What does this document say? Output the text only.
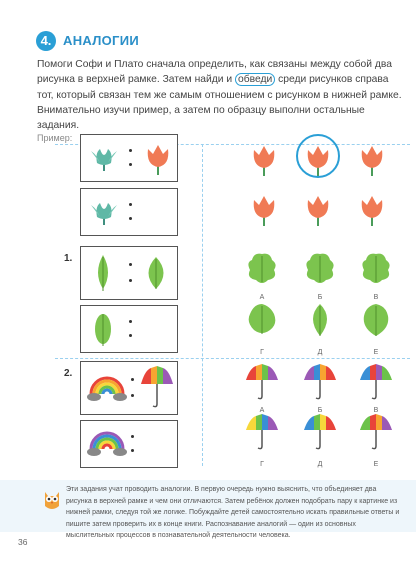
4. АНАЛОГИИ
Помоги Софи и Плато сначала определить, как связаны между собой два рисунка в верхней рамке. Затем найди и обведи среди рисунков справа тот, который связан тем же самым отношением с рисунком в нижней рамке. Внимательно изучи пример, а затем по образцу выполни остальные задания.
Пример:
1.
А	Б	В
Г	Д	Е
2.
А	Б	В
Г	Д	Е
Эти задания учат проводить аналогии. В первую очередь нужно выяснить, что объединяет два рисунка в верхней рамке и чем они отличаются. Затем ребёнок должен подобрать пару к картинке из нижней рамки, следуя той же логике. Побуждайте детей самостоятельно искать правильные ответы и пишите затем проверить их в конце книги. Распознавание аналогий — один из основных мыслительных процессов в познавательной деятельности человека.
36
